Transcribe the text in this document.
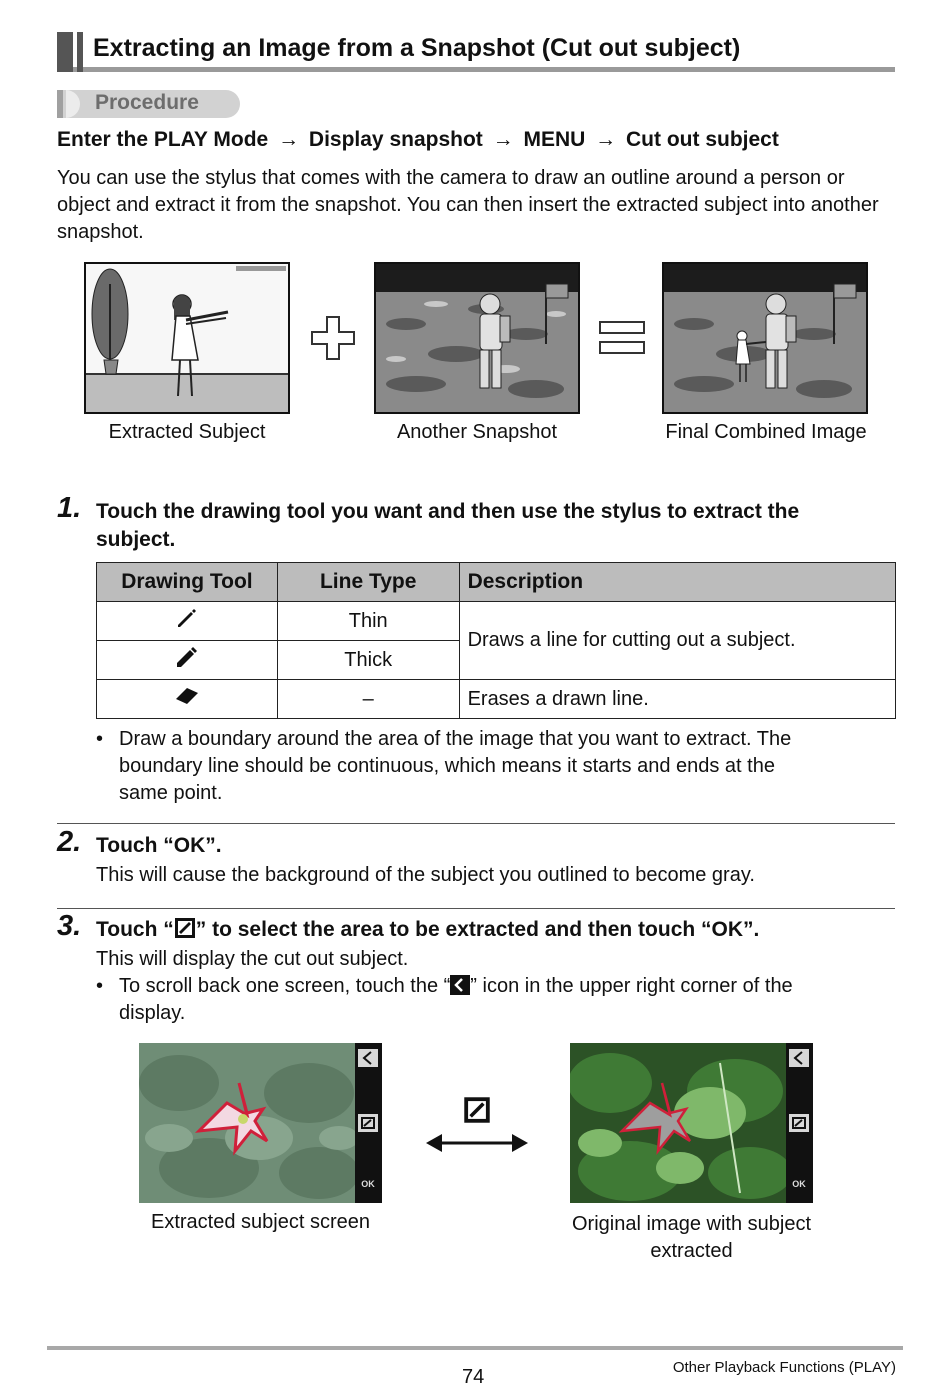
Extracting an Image from a Snapshot (Cut out subject)
Procedure
Enter the PLAY Mode → Display snapshot → MENU → Cut out subject
You can use the stylus that comes with the camera to draw an outline around a person or object and extract it from the snapshot. You can then insert the extracted subject into another snapshot.
Extracted Subject	Another Snapshot	Final Combined Image
1. Touch the drawing tool you want and then use the stylus to extract the
subject.
Drawing Tool	Line Type	Description
	Thin	Draws a line for cutting out a subject.
	Thick	
	–	Erases a drawn line.
• Draw a boundary around the area of the image that you want to extract. The
boundary line should be continuous, which means it starts and ends at the
same point.
2. Touch “OK”.
This will cause the background of the subject you outlined to become gray.
3. Touch “ ” to select the area to be extracted and then touch “OK”.
This will display the cut out subject.
• To scroll back one screen, touch the “ ” icon in the upper right corner of the
display.
OK
Extracted subject screen
OK
Original image with subject
extracted
74	Other Playback Functions (PLAY)
